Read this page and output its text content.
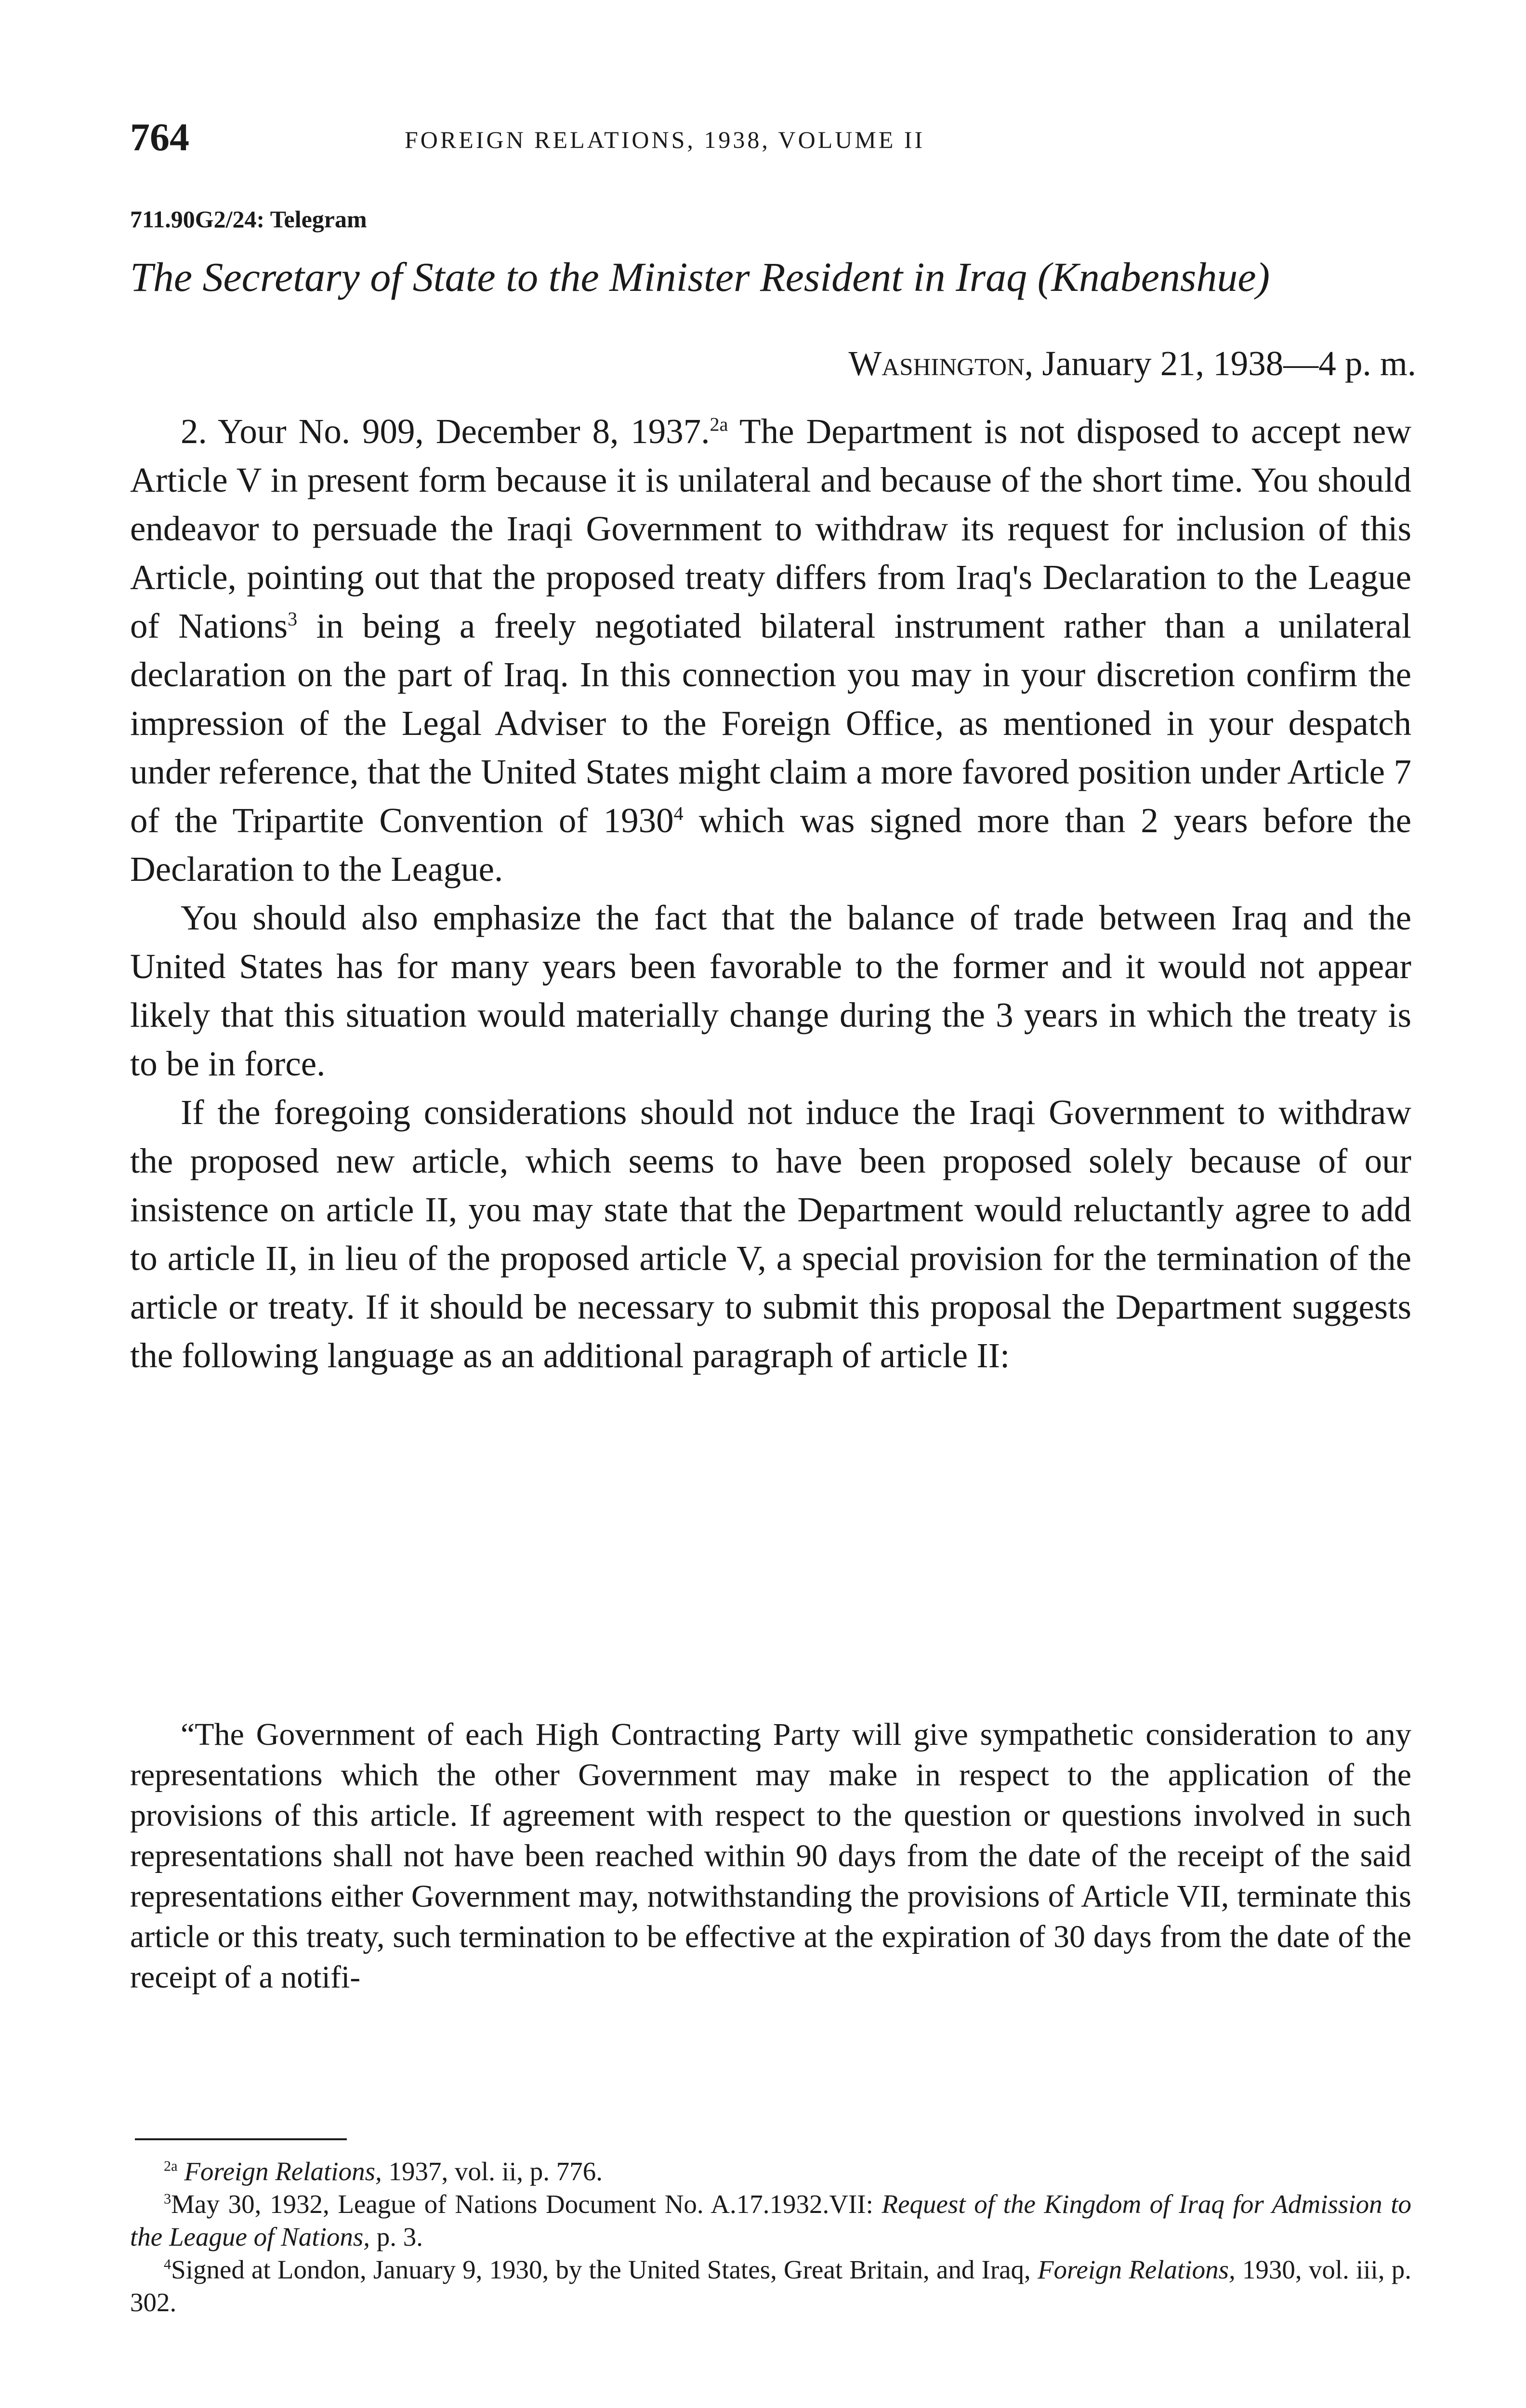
764	FOREIGN RELATIONS, 1938, VOLUME II
711.90G2/24: Telegram
The Secretary of State to the Minister Resident in Iraq (Knabenshue)
Washington, January 21, 1938—4 p. m.

2. Your No. 909, December 8, 1937.$^{2a}$ The Department is not disposed to accept new Article V in present form because it is unilateral and because of the short time. You should endeavor to persuade the Iraqi Government to withdraw its request for inclusion of this Article, pointing out that the proposed treaty differs from Iraq's Declaration to the League of Nations$^3$ in being a freely negotiated bilateral instrument rather than a unilateral declaration on the part of Iraq. In this connection you may in your discretion confirm the impression of the Legal Adviser to the Foreign Office, as mentioned in your despatch under reference, that the United States might claim a more favored position under Article 7 of the Tripartite Convention of 1930$^4$ which was signed more than 2 years before the Declaration to the League.

You should also emphasize the fact that the balance of trade between Iraq and the United States has for many years been favorable to the former and it would not appear likely that this situation would materially change during the 3 years in which the treaty is to be in force.

If the foregoing considerations should not induce the Iraqi Government to withdraw the proposed new article, which seems to have been proposed solely because of our insistence on article II, you may state that the Department would reluctantly agree to add to article II, in lieu of the proposed article V, a special provision for the termination of the article or treaty. If it should be necessary to submit this proposal the Department suggests the following language as an additional paragraph of article II:

“The Government of each High Contracting Party will give sympathetic consideration to any representations which the other Government may make in respect to the application of the provisions of this article. If agreement with respect to the question or questions involved in such representations shall not have been reached within 90 days from the date of the receipt of the said representations either Government may, notwithstanding the provisions of Article VII, terminate this article or this treaty, such termination to be effective at the expiration of 30 days from the date of the receipt of a notifi-

$^{2a}$ Foreign Relations, 1937, vol. ii, p. 776.

$^3$May 30, 1932, League of Nations Document No. A.17.1932.VII: Request of the Kingdom of Iraq for Admission to the League of Nations, p. 3.

$^4$Signed at London, January 9, 1930, by the United States, Great Britain, and Iraq, Foreign Relations, 1930, vol. iii, p. 302.
